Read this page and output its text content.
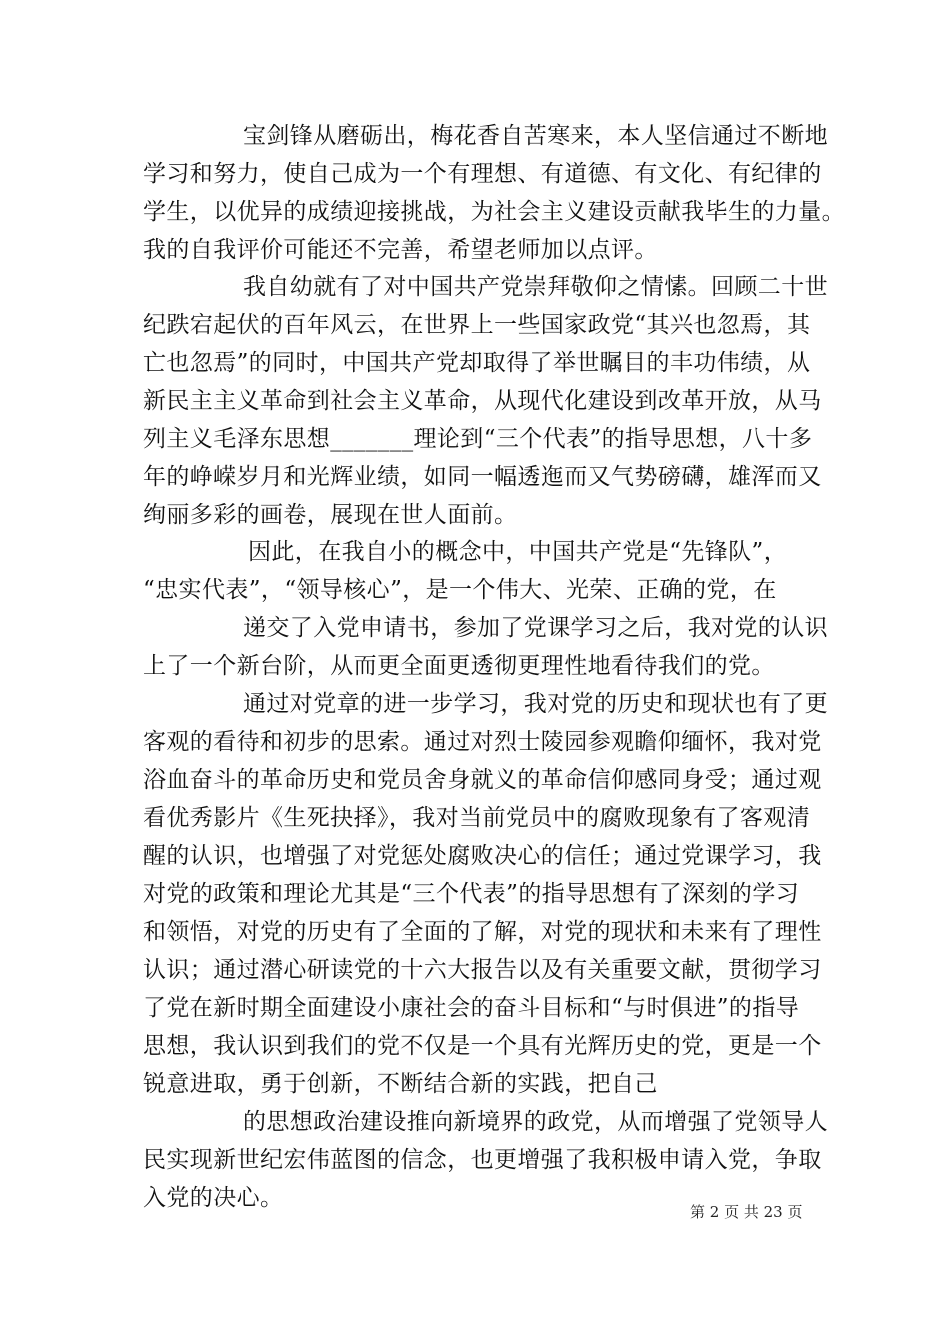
宝剑锋从磨砺出，梅花香自苦寒来，本人坚信通过不断地
学习和努力，使自己成为一个有理想、有道德、有文化、有纪律的
学生，以优异的成绩迎接挑战，为社会主义建设贡献我毕生的力量。
我的自我评价可能还不完善，希望老师加以点评。
我自幼就有了对中国共产党崇拜敬仰之情愫。回顾二十世
纪跌宕起伏的百年风云，在世界上一些国家政党“其兴也忽焉，其
亡也忽焉”的同时，中国共产党却取得了举世瞩目的丰功伟绩，从
新民主主义革命到社会主义革命，从现代化建设到改革开放，从马
列主义毛泽东思想_______理论到“三个代表”的指导思想，八十多
年的峥嵘岁月和光辉业绩，如同一幅透迤而又气势磅礴，雄浑而又
绚丽多彩的画卷，展现在世人面前。
因此，在我自小的概念中，中国共产党是“先锋队”，
“忠实代表”，“领导核心”，是一个伟大、光荣、正确的党，在
递交了入党申请书，参加了党课学习之后，我对党的认识
上了一个新台阶，从而更全面更透彻更理性地看待我们的党。
通过对党章的进一步学习，我对党的历史和现状也有了更
客观的看待和初步的思索。通过对烈士陵园参观瞻仰缅怀，我对党
浴血奋斗的革命历史和党员舍身就义的革命信仰感同身受；通过观
看优秀影片《生死抉择》，我对当前党员中的腐败现象有了客观清
醒的认识，也增强了对党惩处腐败决心的信任；通过党课学习，我
对党的政策和理论尤其是“三个代表”的指导思想有了深刻的学习
和领悟，对党的历史有了全面的了解，对党的现状和未来有了理性
认识；通过潜心研读党的十六大报告以及有关重要文献，贯彻学习
了党在新时期全面建设小康社会的奋斗目标和“与时俱进”的指导
思想，我认识到我们的党不仅是一个具有光辉历史的党，更是一个
锐意进取，勇于创新，不断结合新的实践，把自己
的思想政治建设推向新境界的政党，从而增强了党领导人
民实现新世纪宏伟蓝图的信念，也更增强了我积极申请入党，争取
入党的决心。
第 2 页 共 23 页
